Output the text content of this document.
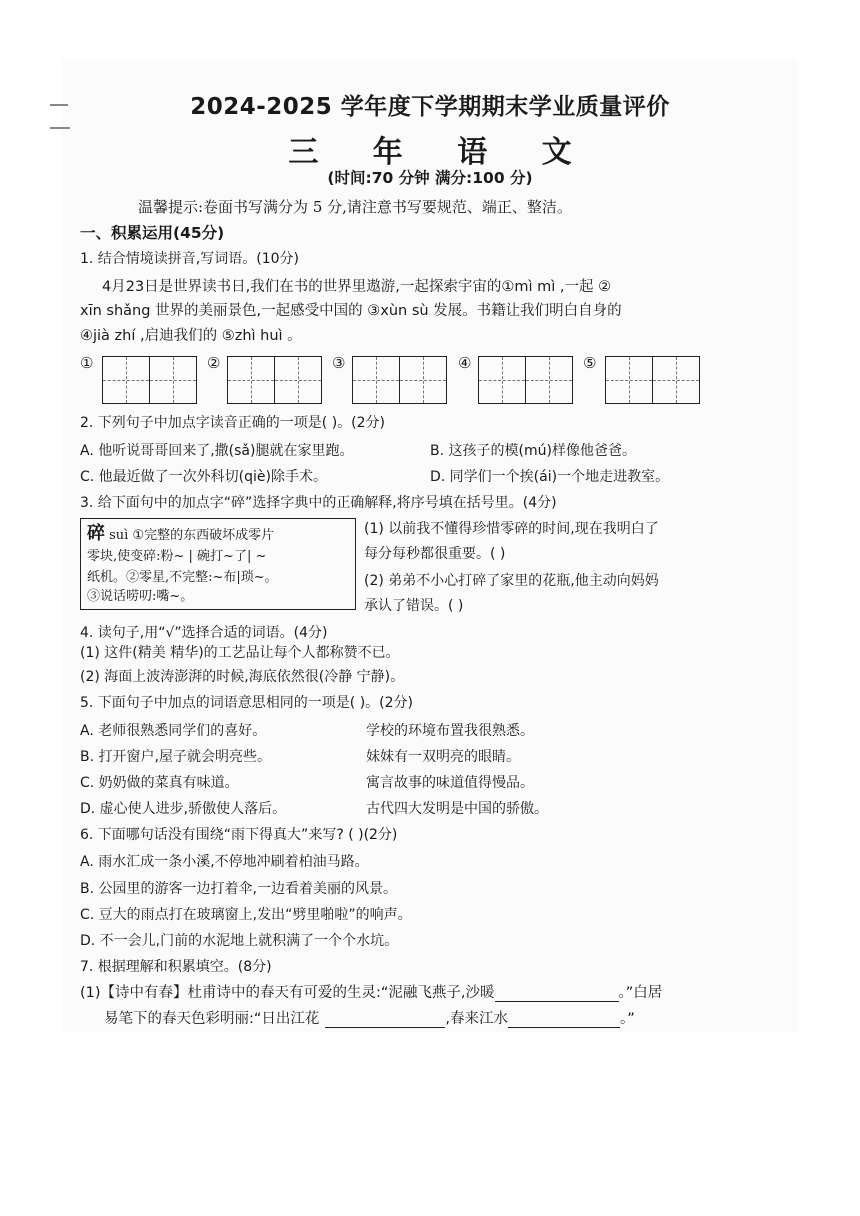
2024-2025 学年度下学期期末学业质量评价
三 年 语 文
(时间:70 分钟 满分:100 分)
温馨提示:卷面书写满分为 5 分,请注意书写要规范、端正、整洁。
一、积累运用(45分)
1. 结合情境读拼音,写词语。(10分)
4月23日是世界读书日,我们在书的世界里遨游,一起探索宇宙的①mì mì ,一起 ②
xīn shǎng 世界的美丽景色,一起感受中国的 ③xùn sù 发展。书籍让我们明白自身的
④jià zhí ,启迪我们的 ⑤zhì huì 。
①	②	③	④	⑤
2. 下列句子中加点字读音正确的一项是( )。(2分)
A. 他听说哥哥回来了,撒(sǎ)腿就在家里跑。	B. 这孩子的模(mú)样像他爸爸。
C. 他最近做了一次外科切(qiè)除手术。	D. 同学们一个挨(ái)一个地走进教室。
3. 给下面句中的加点字“碎”选择字典中的正确解释,将序号填在括号里。(4分)
碎 suì ①完整的东西破坏成零片
零块,使变碎:粉~ | 碗打~了| ~
纸机。②零星,不完整:~布|琐~。
③说话唠叨:嘴~。
(1) 以前我不懂得珍惜零碎的时间,现在我明白了
每分每秒都很重要。( )
(2) 弟弟不小心打碎了家里的花瓶,他主动向妈妈
承认了错误。( )
4. 读句子,用“√”选择合适的词语。(4分)
(1) 这件(精美 精华)的工艺品让每个人都称赞不已。
(2) 海面上波涛澎湃的时候,海底依然很(冷静 宁静)。
5. 下面句子中加点的词语意思相同的一项是( )。(2分)
A. 老师很熟悉同学们的喜好。	学校的环境布置我很熟悉。
B. 打开窗户,屋子就会明亮些。	妹妹有一双明亮的眼睛。
C. 奶奶做的菜真有味道。	寓言故事的味道值得慢品。
D. 虚心使人进步,骄傲使人落后。	古代四大发明是中国的骄傲。
6. 下面哪句话没有围绕“雨下得真大”来写? ( )(2分)
A. 雨水汇成一条小溪,不停地冲刷着柏油马路。
B. 公园里的游客一边打着伞,一边看着美丽的风景。
C. 豆大的雨点打在玻璃窗上,发出“劈里啪啦”的响声。
D. 不一会儿,门前的水泥地上就积满了一个个水坑。
7. 根据理解和积累填空。(8分)
(1)【诗中有春】杜甫诗中的春天有可爱的生灵:“泥融飞燕子,沙暖	。”白居
易笔下的春天色彩明丽:“日出江花	,春来江水	。”
